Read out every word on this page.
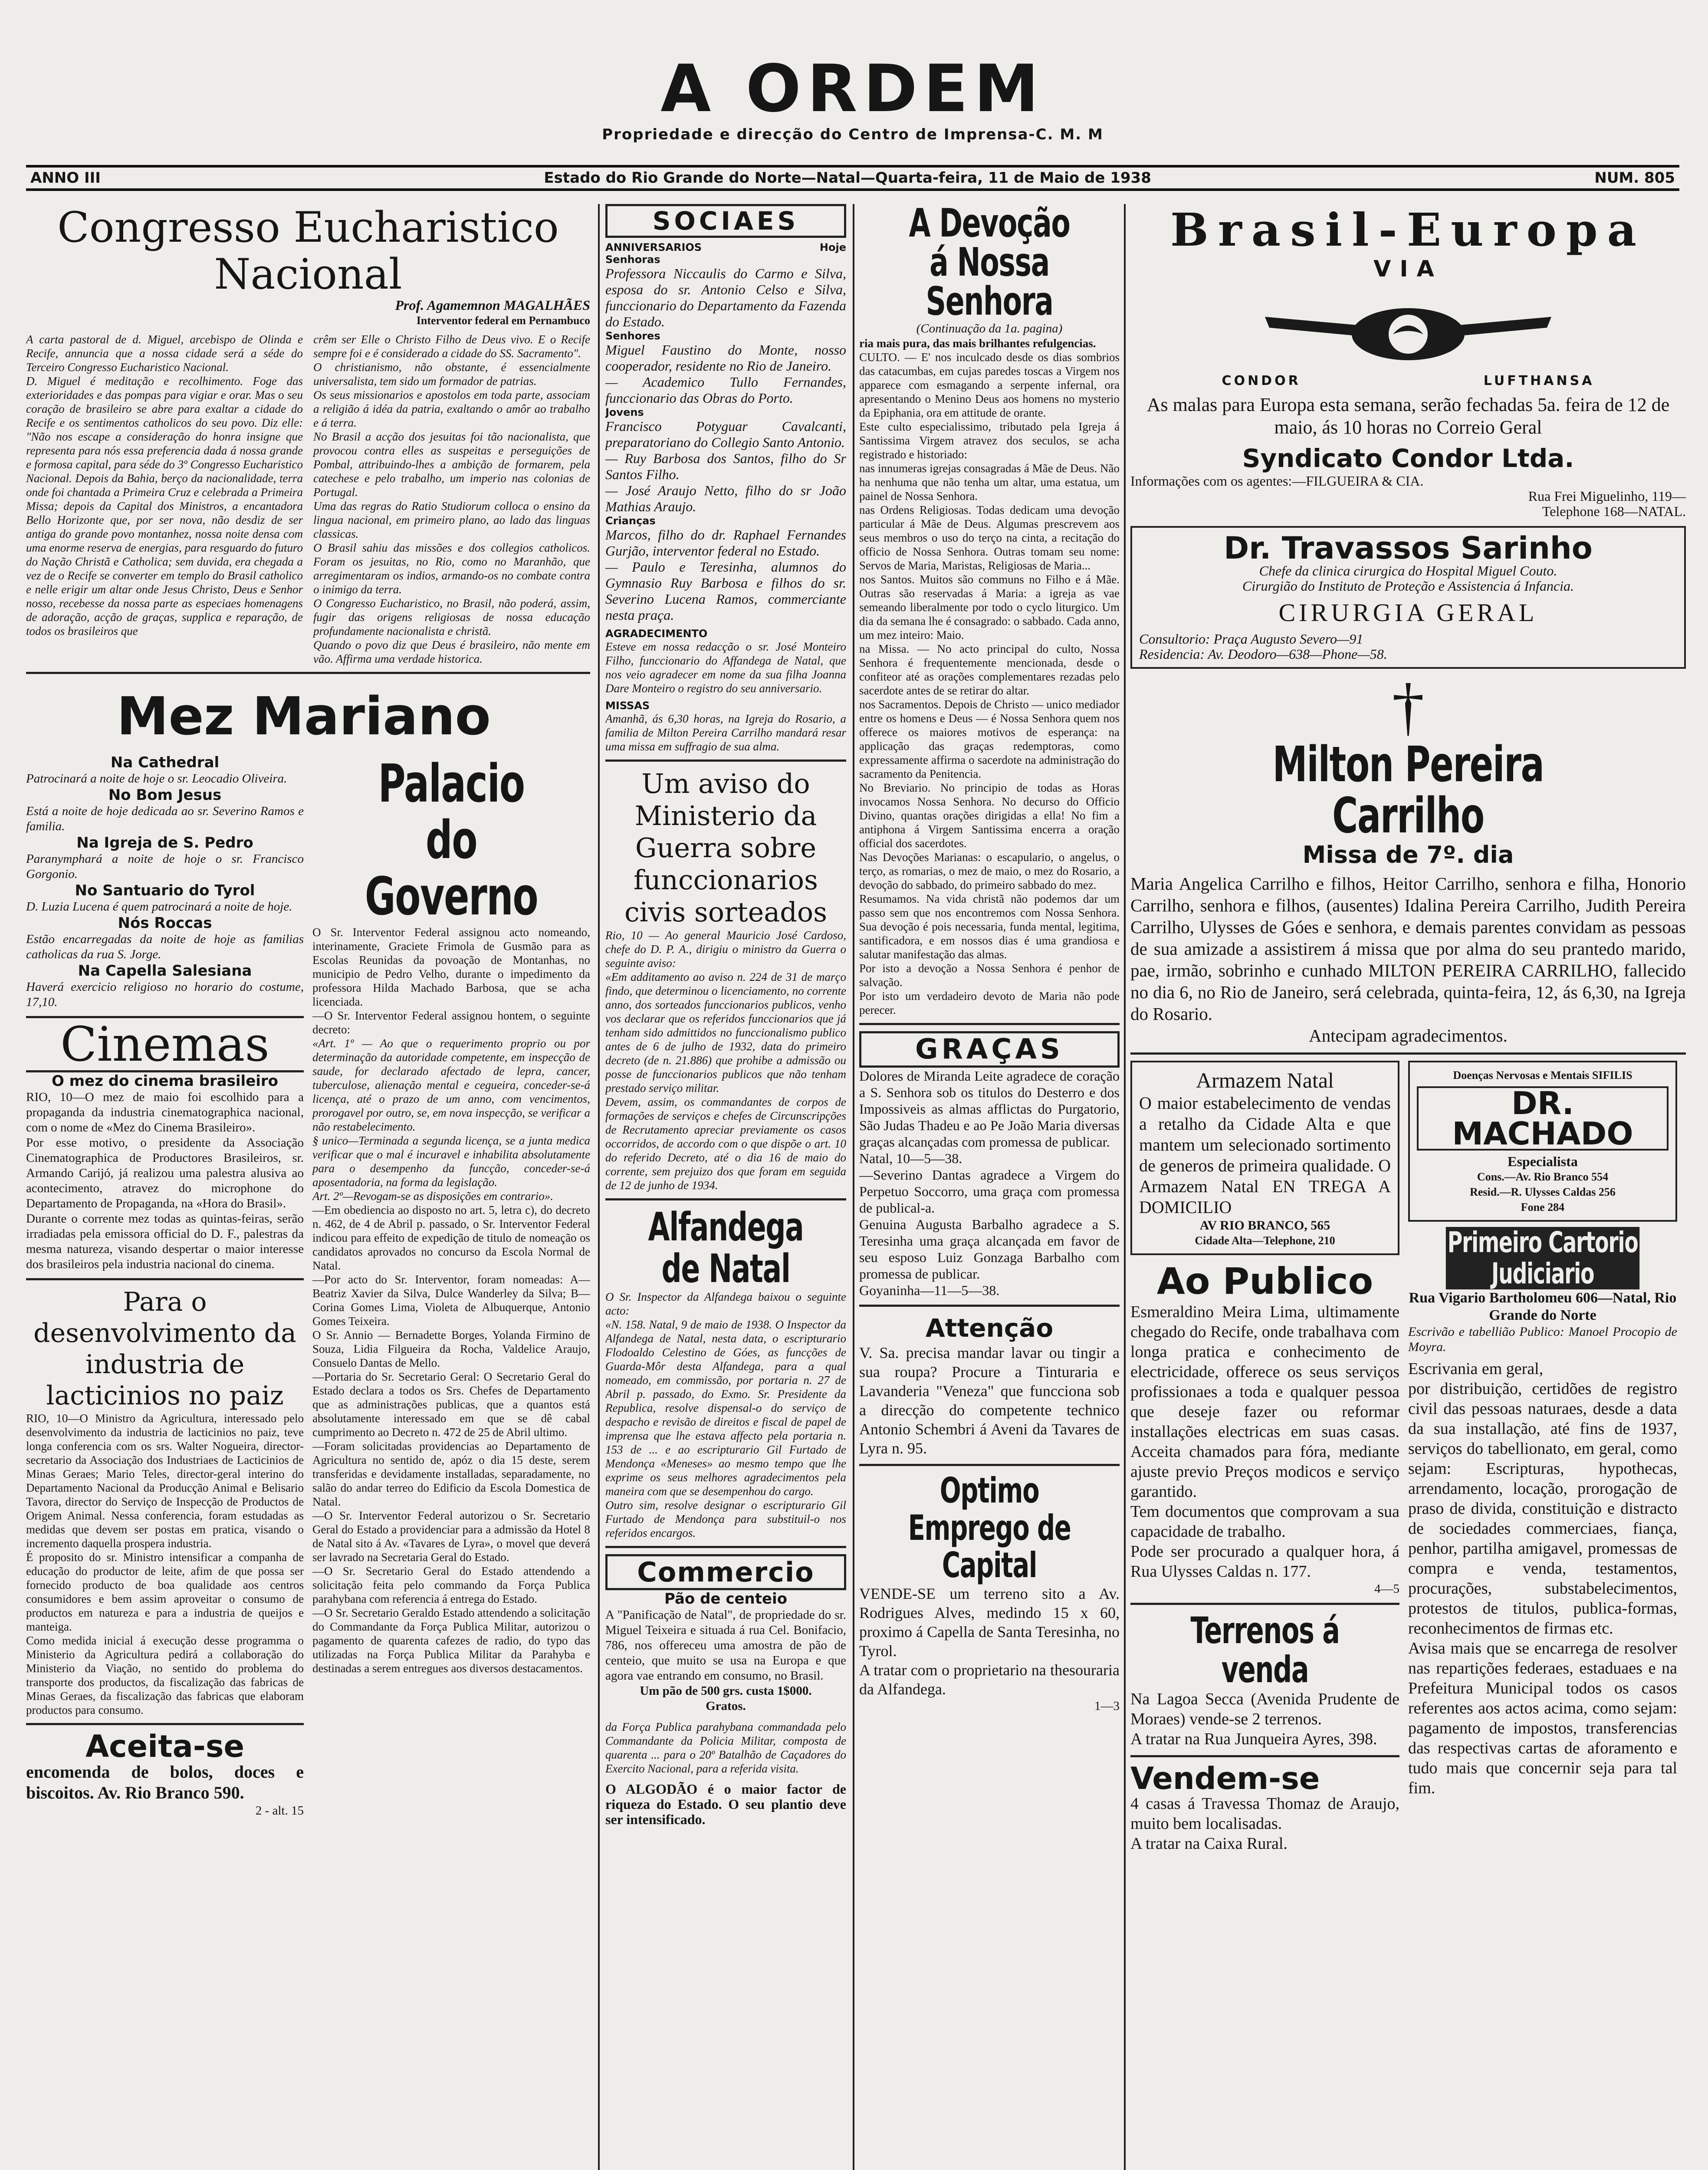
A ORDEM
Propriedade e direcção do Centro de Imprensa-C. M. M
ANNO III	Estado do Rio Grande do Norte—Natal—Quarta-feira, 11 de Maio de 1938	NUM. 805
Congresso Eucharistico Nacional

Prof. Agamemnon MAGALHÃES

Interventor federal em Pernambuco

A carta pastoral de d. Miguel, arcebispo de Olinda e Recife, annuncia que a nossa cidade será a séde do Terceiro Congresso Eucharistico Nacional.

D. Miguel é meditação e recolhimento. Foge das exterioridades e das pompas para vigiar e orar. Mas o seu coração de brasileiro se abre para exaltar a cidade do Recife e os sentimentos catholicos do seu povo. Diz elle: "Não nos escape a consideração do honra insigne que representa para nós essa preferencia dada á nossa grande e formosa capital, para séde do 3º Congresso Eucharistico Nacional. Depois da Bahia, berço da nacionalidade, terra onde foi chantada a Primeira Cruz e celebrada a Primeira Missa; depois da Capital dos Ministros, a encantadora Bello Horizonte que, por ser nova, não desdiz de ser antiga do grande povo montanhez, nossa noite densa com uma enorme reserva de energias, para resguardo do futuro do Nação Christã e Catholica; sem duvida, era chegada a vez de o Recife se converter em templo do Brasil catholico e nelle erigir um altar onde Jesus Christo, Deus e Senhor nosso, recebesse da nossa parte as especiaes homenagens de adoração, acção de graças, supplica e reparação, de todos os brasileiros que

crêm ser Elle o Christo Filho de Deus vivo. E o Recife sempre foi e é considerado a cidade do SS. Sacramento".

O christianismo, não obstante, é essencialmente universalista, tem sido um formador de patrias.

Os seus missionarios e apostolos em toda parte, associam a religião á idéa da patria, exaltando o amôr ao trabalho e á terra.

No Brasil a acção dos jesuitas foi tão nacionalista, que provocou contra elles as suspeitas e perseguições de Pombal, attribuindo-lhes a ambição de formarem, pela catechese e pelo trabalho, um imperio nas colonias de Portugal.

Uma das regras do Ratio Studiorum colloca o ensino da lingua nacional, em primeiro plano, ao lado das linguas classicas.

O Brasil sahiu das missões e dos collegios catholicos. Foram os jesuitas, no Rio, como no Maranhão, que arregimentaram os indios, armando-os no combate contra o inimigo da terra.

O Congresso Eucharistico, no Brasil, não poderá, assim, fugir das origens religiosas de nossa educação profundamente nacionalista e christã.

Quando o povo diz que Deus é brasileiro, não mente em vão. Affirma uma verdade historica.

Mez Mariano
Na Cathedral

Patrocinará a noite de hoje o sr. Leocadio Oliveira.

No Bom Jesus

Está a noite de hoje dedicada ao sr. Severino Ramos e familia.

Na Igreja de S. Pedro

Paranymphará a noite de hoje o sr. Francisco Gorgonio.

No Santuario do Tyrol

D. Luzia Lucena é quem patrocinará a noite de hoje.

Nós Roccas

Estão encarregadas da noite de hoje as familias catholicas da rua S. Jorge.

Na Capella Salesiana

Haverá exercicio religioso no horario do costume, 17,10.

Cinemas
O mez do cinema brasileiro

RIO, 10—O mez de maio foi escolhido para a propaganda da industria cinematographica nacional, com o nome de «Mez do Cinema Brasileiro».

Por esse motivo, o presidente da Associação Cinematographica de Productores Brasileiros, sr. Armando Carijó, já realizou uma palestra alusiva ao acontecimento, atravez do microphone do Departamento de Propaganda, na «Hora do Brasil».

Durante o corrente mez todas as quintas-feiras, serão irradiadas pela emissora official do D. F., palestras da mesma natureza, visando despertar o maior interesse dos brasileiros pela industria nacional do cinema.

Para o desenvolvimento da industria de lacticinios no paiz

RIO, 10—O Ministro da Agricultura, interessado pelo desenvolvimento da industria de lacticinios no paiz, teve longa conferencia com os srs. Walter Nogueira, director-secretario da Associação dos Industriaes de Lacticinios de Minas Geraes; Mario Teles, director-geral interino do Departamento Nacional da Producção Animal e Belisario Tavora, director do Serviço de Inspecção de Productos de Origem Animal. Nessa conferencia, foram estudadas as medidas que devem ser postas em pratica, visando o incremento daquella prospera industria.

É proposito do sr. Ministro intensificar a companha de educação do productor de leite, afim de que possa ser fornecido producto de boa qualidade aos centros consumidores e bem assim aproveitar o consumo de productos em natureza e para a industria de queijos e manteiga.

Como medida inicial á execução desse programma o Ministerio da Agricultura pedirá a collaboração do Ministerio da Viação, no sentido do problema do transporte dos productos, da fiscalização das fabricas de Minas Geraes, da fiscalização das fabricas que elaboram productos para consumo.

Aceita-se

encomenda de bolos, doces e biscoitos. Av. Rio Branco 590.

2 - alt. 15

Palacio do Governo

O Sr. Interventor Federal assignou acto nomeando, interinamente, Graciete Frimola de Gusmão para as Escolas Reunidas da povoação de Montanhas, no municipio de Pedro Velho, durante o impedimento da professora Hilda Machado Barbosa, que se acha licenciada.

—O Sr. Interventor Federal assignou hontem, o seguinte decreto:

«Art. 1º — Ao que o requerimento proprio ou por determinação da autoridade competente, em inspecção de saude, for declarado afectado de lepra, cancer, tuberculose, alienação mental e cegueira, conceder-se-á licença, até o prazo de um anno, com vencimentos, prorogavel por outro, se, em nova inspecção, se verificar a não restabelecimento.

§ unico—Terminada a segunda licença, se a junta medica verificar que o mal é incuravel e inhabilita absolutamente para o desempenho da funcção, conceder-se-á aposentadoria, na forma da legislação.

Art. 2º—Revogam-se as disposições em contrario».

—Em obediencia ao disposto no art. 5, letra c), do decreto n. 462, de 4 de Abril p. passado, o Sr. Interventor Federal indicou para effeito de expedição de titulo de nomeação os candidatos aprovados no concurso da Escola Normal de Natal.

—Por acto do Sr. Interventor, foram nomeadas: A—Beatriz Xavier da Silva, Dulce Wanderley da Silva; B—Corina Gomes Lima, Violeta de Albuquerque, Antonio Gomes Teixeira.

O Sr. Annio — Bernadette Borges, Yolanda Firmino de Souza, Lidia Filgueira da Rocha, Valdelice Araujo, Consuelo Dantas de Mello.

—Portaria do Sr. Secretario Geral: O Secretario Geral do Estado declara a todos os Srs. Chefes de Departamento que as administrações publicas, que a quantos está absolutamente interessado em que se dê cabal cumprimento ao Decreto n. 472 de 25 de Abril ultimo.

—Foram solicitadas providencias ao Departamento de Agricultura no sentido de, apóz o dia 15 deste, serem transferidas e devidamente installadas, separadamente, no salão do andar terreo do Edificio da Escola Domestica de Natal.

—O Sr. Interventor Federal autorizou o Sr. Secretario Geral do Estado a providenciar para a admissão da Hotel 8 de Natal sito á Av. «Tavares de Lyra», o movel que deverá ser lavrado na Secretaria Geral do Estado.

—O Sr. Secretario Geral do Estado attendendo a solicitação feita pelo commando da Força Publica parahybana com referencia á entrega do Estado.

—O Sr. Secretario Geraldo Estado attendendo a solicitação do Commandante da Força Publica Militar, autorizou o pagamento de quarenta cafezes de radio, do typo das utilizadas na Força Publica Militar da Parahyba e destinadas a serem entregues aos diversos destacamentos.

SOCIAES
ANNIVERSARIOS	Hoje
Senhoras

Professora Niccaulis do Carmo e Silva, esposa do sr. Antonio Celso e Silva, funccionario do Departamento da Fazenda do Estado.

Senhores

Miguel Faustino do Monte, nosso cooperador, residente no Rio de Janeiro.

— Academico Tullo Fernandes, funccionario das Obras do Porto.

Jovens

Francisco Potyguar Cavalcanti, preparatoriano do Collegio Santo Antonio.

— Ruy Barbosa dos Santos, filho do Sr Santos Filho.

— José Araujo Netto, filho do sr João Mathias Araujo.

Crianças

Marcos, filho do dr. Raphael Fernandes Gurjão, interventor federal no Estado.

— Paulo e Teresinha, alumnos do Gymnasio Ruy Barbosa e filhos do sr. Severino Lucena Ramos, commerciante nesta praça.

AGRADECIMENTO

Esteve em nossa redacção o sr. José Monteiro Filho, funccionario do Affandega de Natal, que nos veio agradecer em nome da sua filha Joanna Dare Monteiro o registro do seu anniversario.

MISSAS

Amanhã, ás 6,30 horas, na Igreja do Rosario, a familia de Milton Pereira Carrilho mandará resar uma missa em suffragio de sua alma.

Um aviso do Ministerio da Guerra sobre funccionarios civis sorteados

Rio, 10 — Ao general Mauricio José Cardoso, chefe do D. P. A., dirigiu o ministro da Guerra o seguinte aviso:

«Em additamento ao aviso n. 224 de 31 de março findo, que determinou o licenciamento, no corrente anno, dos sorteados funccionarios publicos, venho vos declarar que os referidos funccionarios que já tenham sido admittidos no funccionalismo publico antes de 6 de julho de 1932, data do primeiro decreto (de n. 21.886) que prohibe a admissão ou posse de funccionarios publicos que não tenham prestado serviço militar.

Devem, assim, os commandantes de corpos de formações de serviços e chefes de Circunscripções de Recrutamento apreciar previamente os casos occorridos, de accordo com o que dispõe o art. 10 do referido Decreto, até o dia 16 de maio do corrente, sem prejuizo dos que foram em seguida de 12 de junho de 1934.

Alfandega de Natal

O Sr. Inspector da Alfandega baixou o seguinte acto:

«N. 158. Natal, 9 de maio de 1938. O Inspector da Alfandega de Natal, nesta data, o escripturario Flodoaldo Celestino de Góes, as funcções de Guarda-Môr desta Alfandega, para a qual nomeado, em commissão, por portaria n. 27 de Abril p. passado, do Exmo. Sr. Presidente da Republica, resolve dispensal-o do serviço de despacho e revisão de direitos e fiscal de papel de imprensa que lhe estava affecto pela portaria n. 153 de ... e ao escripturario Gil Furtado de Mendonça «Meneses» ao mesmo tempo que lhe exprime os seus melhores agradecimentos pela maneira com que se desempenhou do cargo.

Outro sim, resolve designar o escripturario Gil Furtado de Mendonça para substituil-o nos referidos encargos.

Commercio
Pão de centeio

A "Panificação de Natal", de propriedade do sr. Miguel Teixeira e situada á rua Cel. Bonifacio, 786, nos offereceu uma amostra de pão de centeio, que muito se usa na Europa e que agora vae entrando em consumo, no Brasil.

Um pão de 500 grs. custa 1$000.

Gratos.

da Força Publica parahybana commandada pelo Commandante da Policia Militar, composta de quarenta ... para o 20º Batalhão de Caçadores do Exercito Nacional, para a referida visita.

O ALGODÃO é o maior factor de riqueza do Estado. O seu plantio deve ser intensificado.

A Devoção á Nossa Senhora

(Continuação da 1a. pagina)

ria mais pura, das mais brilhantes refulgencias.

CULTO. — E' nos inculcado desde os dias sombrios das catacumbas, em cujas paredes toscas a Virgem nos apparece com esmagando a serpente infernal, ora apresentando o Menino Deus aos homens no mysterio da Epiphania, ora em attitude de orante.

Este culto especialissimo, tributado pela Igreja á Santissima Virgem atravez dos seculos, se acha registrado e historiado:

nas innumeras igrejas consagradas á Mãe de Deus. Não ha nenhuma que não tenha um altar, uma estatua, um painel de Nossa Senhora.

nas Ordens Religiosas. Todas dedicam uma devoção particular á Mãe de Deus. Algumas prescrevem aos seus membros o uso do terço na cinta, a recitação do officio de Nossa Senhora. Outras tomam seu nome: Servos de Maria, Maristas, Religiosas de Maria...

nos Santos. Muitos são communs no Filho e á Mãe. Outras são reservadas á Maria: a igreja as vae semeando liberalmente por todo o cyclo liturgico. Um dia da semana lhe é consagrado: o sabbado. Cada anno, um mez inteiro: Maio.

na Missa. — No acto principal do culto, Nossa Senhora é frequentemente mencionada, desde o confiteor até as orações complementares rezadas pelo sacerdote antes de se retirar do altar.

nos Sacramentos. Depois de Christo — unico mediador entre os homens e Deus — é Nossa Senhora quem nos offerece os maiores motivos de esperança: na applicação das graças redemptoras, como expressamente affirma o sacerdote na administração do sacramento da Penitencia.

No Breviario. No principio de todas as Horas invocamos Nossa Senhora. No decurso do Officio Divino, quantas orações dirigidas a ella! No fim a antiphona á Virgem Santissima encerra a oração official dos sacerdotes.

Nas Devoções Marianas: o escapulario, o angelus, o terço, as romarias, o mez de maio, o mez do Rosario, a devoção do sabbado, do primeiro sabbado do mez.

Resumamos. Na vida christã não podemos dar um passo sem que nos encontremos com Nossa Senhora. Sua devoção é pois necessaria, funda mental, legitima, santificadora, e em nossos dias é uma grandiosa e salutar manifestação das almas.

Por isto a devoção a Nossa Senhora é penhor de salvação.

Por isto um verdadeiro devoto de Maria não pode perecer.

GRAÇAS

Dolores de Miranda Leite agradece de coração a S. Senhora sob os titulos do Desterro e dos Impossiveis as almas afflictas do Purgatorio, São Judas Thadeu e ao Pe João Maria diversas graças alcançadas com promessa de publicar.

Natal, 10—5—38.

—Severino Dantas agradece a Virgem do Perpetuo Soccorro, uma graça com promessa de publical-a.

Genuina Augusta Barbalho agradece a S. Teresinha uma graça alcançada em favor de seu esposo Luiz Gonzaga Barbalho com promessa de publicar.

Goyaninha—11—5—38.

Attenção

V. Sa. precisa mandar lavar ou tingir a sua roupa? Procure a Tinturaria e Lavanderia "Veneza" que funcciona sob a direcção do competente technico Antonio Schembri á Aveni da Tavares de Lyra n. 95.

Optimo Emprego de Capital

VENDE-SE um terreno sito a Av. Rodrigues Alves, medindo 15 x 60, proximo á Capella de Santa Teresinha, no Tyrol.

A tratar com o proprietario na thesouraria da Alfandega.

1—3

Brasil-Europa
VIA
CONDOR	LUFTHANSA

As malas para Europa esta semana, serão fechadas 5a. feira de 12 de maio, ás 10 horas no Correio Geral

Syndicato Condor Ltda.

Informações com os agentes:—FILGUEIRA & CIA.

Rua Frei Miguelinho, 119—

Telephone 168—NATAL.

Dr. Travassos Sarinho

Chefe da clinica cirurgica do Hospital Miguel Couto.

Cirurgião do Instituto de Proteção e Assistencia á Infancia.

CIRURGIA GERAL

Consultorio: Praça Augusto Severo—91

Residencia: Av. Deodoro—638—Phone—58.

†
Milton Pereira Carrilho
Missa de 7º. dia

Maria Angelica Carrilho e filhos, Heitor Carrilho, senhora e filha, Honorio Carrilho, senhora e filhos, (ausentes) Idalina Pereira Carrilho, Judith Pereira Carrilho, Ulysses de Góes e senhora, e demais parentes convidam as pessoas de sua amizade a assistirem á missa que por alma do seu prantedo marido, pae, irmão, sobrinho e cunhado MILTON PEREIRA CARRILHO, fallecido no dia 6, no Rio de Janeiro, será celebrada, quinta-feira, 12, ás 6,30, na Igreja do Rosario.

Antecipam agradecimentos.

Armazem Natal

O maior estabelecimento de vendas a retalho da Cidade Alta e que mantem um selecionado sortimento de generos de primeira qualidade. O Armazem Natal EN TREGA A DOMICILIO

AV RIO BRANCO, 565

Cidade Alta—Telephone, 210

Ao Publico

Esmeraldino Meira Lima, ultimamente chegado do Recife, onde trabalhava com longa pratica e conhecimento de electricidade, offerece os seus serviços profissionaes a toda e qualquer pessoa que deseje fazer ou reformar installações electricas em suas casas. Acceita chamados para fóra, mediante ajuste previo Preços modicos e serviço garantido.

Tem documentos que comprovam a sua capacidade de trabalho.

Pode ser procurado a qualquer hora, á Rua Ulysses Caldas n. 177.

4—5

Terrenos á venda

Na Lagoa Secca (Avenida Prudente de Moraes) vende-se 2 terrenos.

A tratar na Rua Junqueira Ayres, 398.

Vendem-se

4 casas á Travessa Thomaz de Araujo, muito bem localisadas.

A tratar na Caixa Rural.

Doenças Nervosas e Mentais SIFILIS

DR. MACHADO

Especialista

Cons.—Av. Rio Branco 554

Resid.—R. Ulysses Caldas 256

Fone 284

Primeiro Cartorio Judiciario

Rua Vigario Bartholomeu 606—Natal, Rio Grande do Norte

Escrivão e tabellião Publico: Manoel Procopio de Moyra.

Escrivania em geral,

por distribuição, certidões de registro civil das pessoas naturaes, desde a data da sua installação, até fins de 1937, serviços do tabellionato, em geral, como sejam: Escripturas, hypothecas, arrendamento, locação, prorogação de praso de divida, constituição e distracto de sociedades commerciaes, fiança, penhor, partilha amigavel, promessas de compra e venda, testamentos, procurações, substabelecimentos, protestos de titulos, publica-formas, reconhecimentos de firmas etc.

Avisa mais que se encarrega de resolver nas repartições federaes, estaduaes e na Prefeitura Municipal todos os casos referentes aos actos acima, como sejam: pagamento de impostos, transferencias das respectivas cartas de aforamento e tudo mais que concernir seja para tal fim.
